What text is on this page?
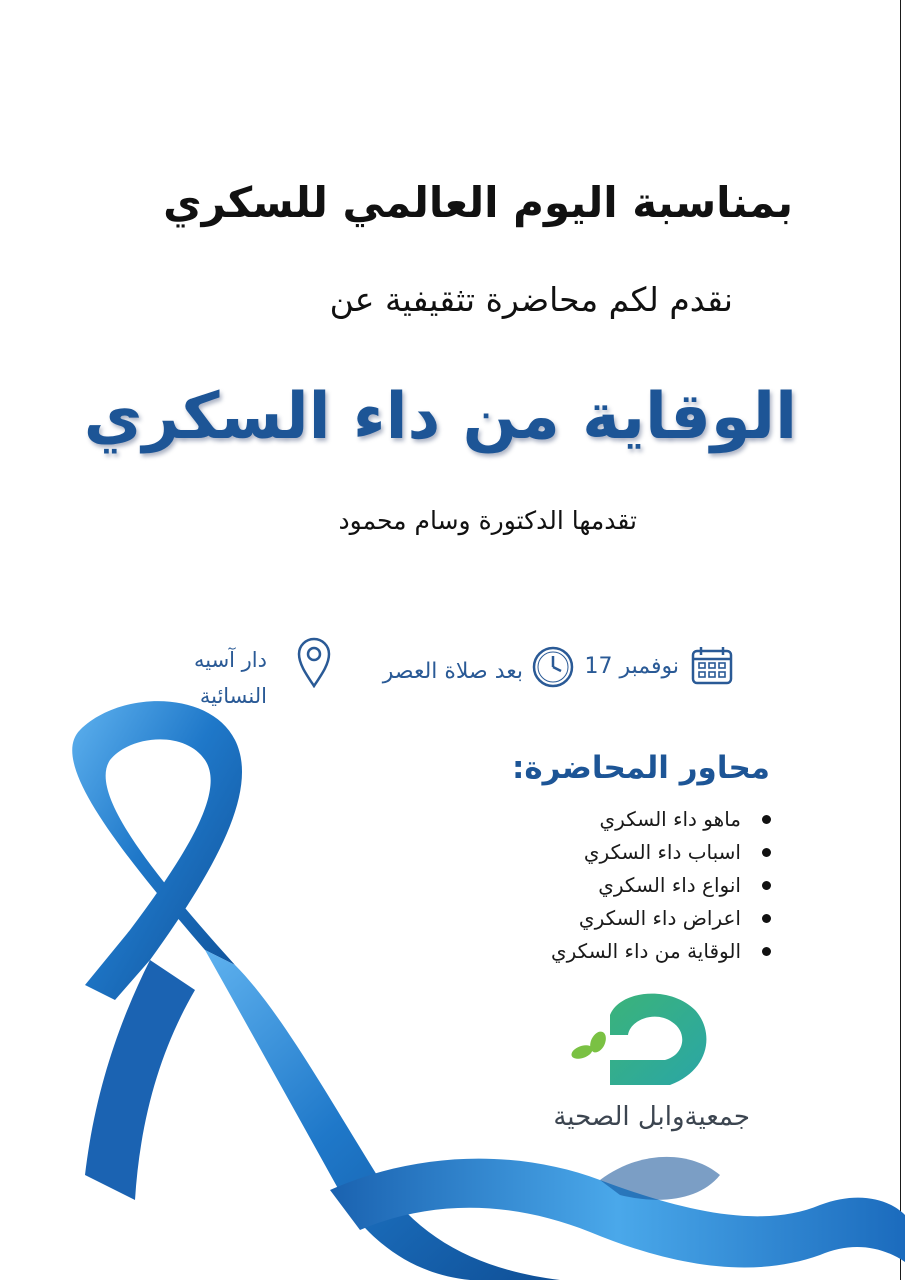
بمناسبة اليوم العالمي للسكري

نقدم لكم محاضرة تثقيفية عن

الوقاية من داء السكري

تقدمها الدكتورة وسام محمود

نوفمبر 17
بعد صلاة العصر
دار آسيه
النسائية
محاور المحاضرة:
ماهو داء السكري
اسباب داء السكري
انواع داء السكري
اعراض داء السكري
الوقاية من داء السكري
جمعيةوابل الصحية
